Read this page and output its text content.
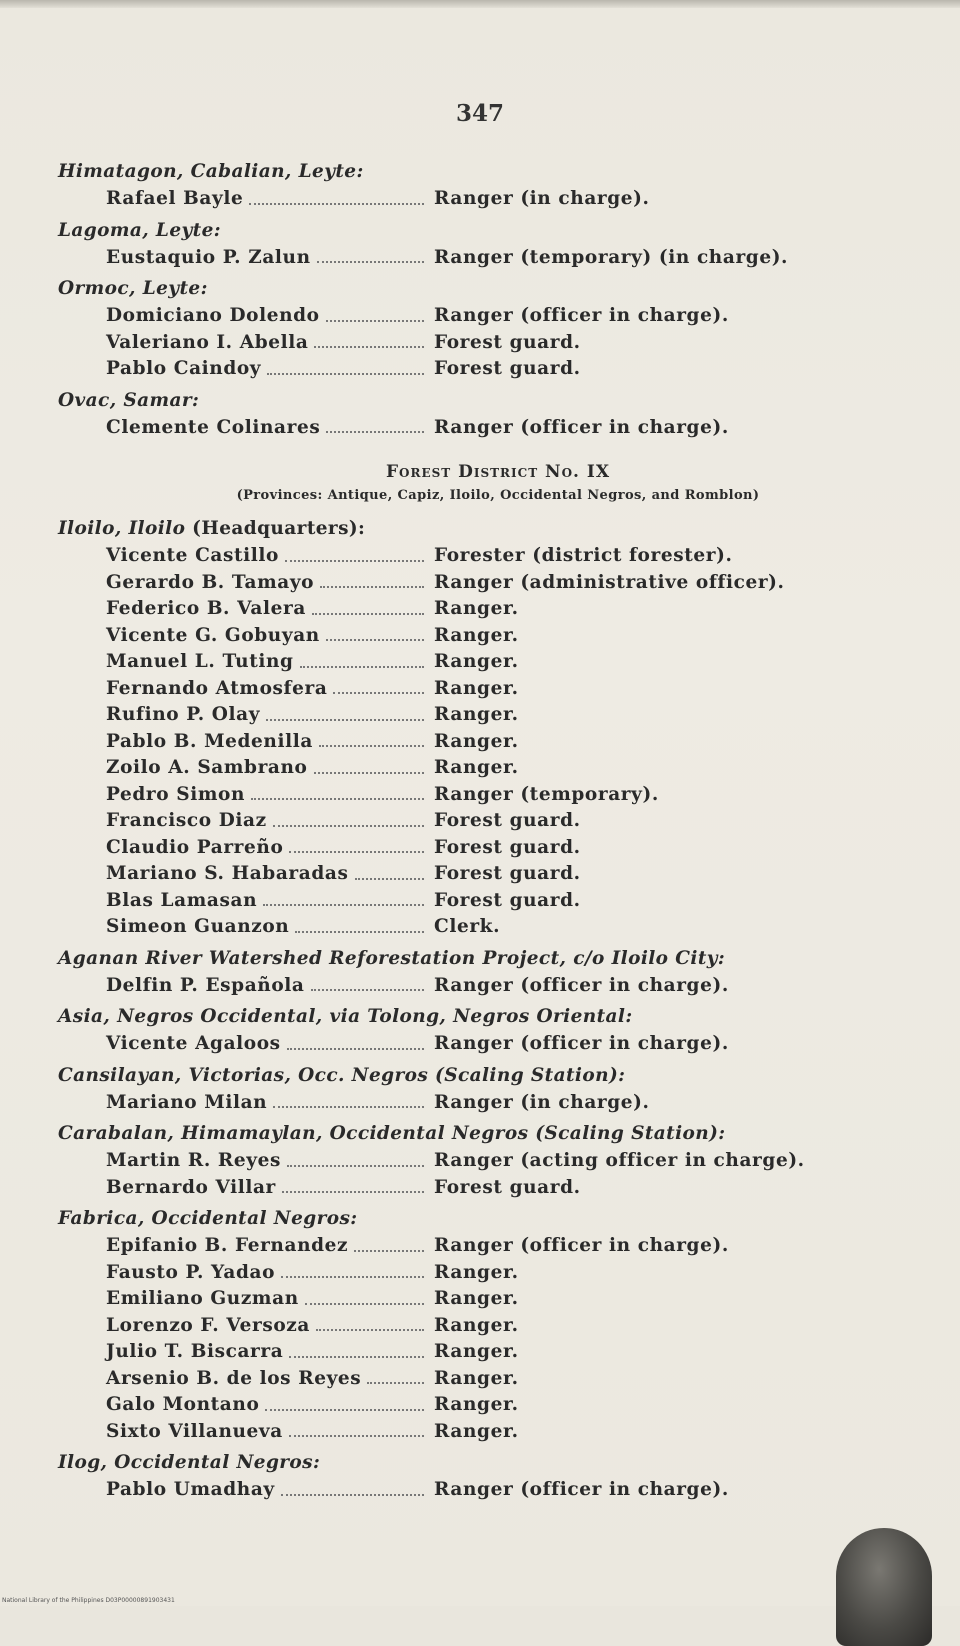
347
Himatagon, Cabalian, Leyte:
Rafael Bayle	Ranger (in charge).
Lagoma, Leyte:
Eustaquio P. Zalun	Ranger (temporary) (in charge).
Ormoc, Leyte:
Domiciano Dolendo	Ranger (officer in charge).
Valeriano I. Abella	Forest guard.
Pablo Caindoy	Forest guard.
Ovac, Samar:
Clemente Colinares	Ranger (officer in charge).
Forest District No. IX
(Provinces: Antique, Capiz, Iloilo, Occidental Negros, and Romblon)
Iloilo, Iloilo (Headquarters):
Vicente Castillo	Forester (district forester).
Gerardo B. Tamayo	Ranger (administrative officer).
Federico B. Valera	Ranger.
Vicente G. Gobuyan	Ranger.
Manuel L. Tuting	Ranger.
Fernando Atmosfera	Ranger.
Rufino P. Olay	Ranger.
Pablo B. Medenilla	Ranger.
Zoilo A. Sambrano	Ranger.
Pedro Simon	Ranger (temporary).
Francisco Diaz	Forest guard.
Claudio Parreño	Forest guard.
Mariano S. Habaradas	Forest guard.
Blas Lamasan	Forest guard.
Simeon Guanzon	Clerk.
Aganan River Watershed Reforestation Project, c/o Iloilo City:
Delfin P. Española	Ranger (officer in charge).
Asia, Negros Occidental, via Tolong, Negros Oriental:
Vicente Agaloos	Ranger (officer in charge).
Cansilayan, Victorias, Occ. Negros (Scaling Station):
Mariano Milan	Ranger (in charge).
Carabalan, Himamaylan, Occidental Negros (Scaling Station):
Martin R. Reyes	Ranger (acting officer in charge).
Bernardo Villar	Forest guard.
Fabrica, Occidental Negros:
Epifanio B. Fernandez	Ranger (officer in charge).
Fausto P. Yadao	Ranger.
Emiliano Guzman	Ranger.
Lorenzo F. Versoza	Ranger.
Julio T. Biscarra	Ranger.
Arsenio B. de los Reyes	Ranger.
Galo Montano	Ranger.
Sixto Villanueva	Ranger.
Ilog, Occidental Negros:
Pablo Umadhay	Ranger (officer in charge).
National Library of the Philippines D03P00000891903431
